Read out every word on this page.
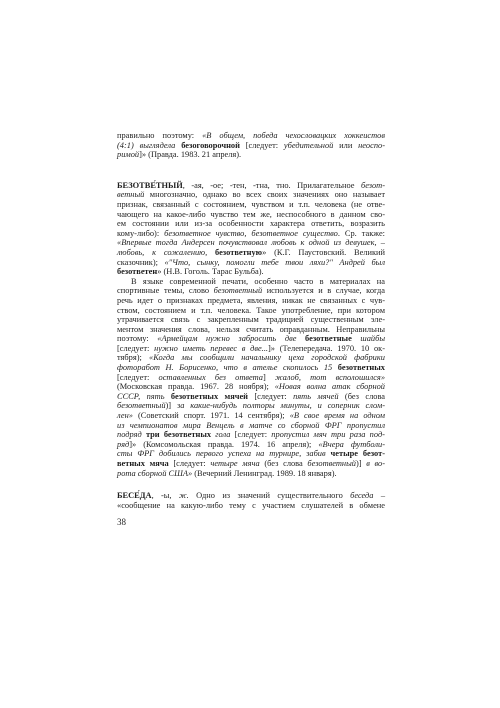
правильно поэтому: «В общем, победа чехословацких хоккеистов
(4:1) выглядела безоговорочной [следует: убедительной или неоспо-
римой]» (Правда. 1983. 21 апреля).
БЕЗОТВЕ́ТНЫЙ, -ая, -ое; -тен, -тна, тно. Прилагательное безот-
ветный многозначно, однако во всех своих значениях оно называет
признак, связанный с состоянием, чувством и т.п. человека (не отве-
чающего на какое-либо чувство тем же, неспособного в данном сво-
ем состоянии или из-за особенности характера ответить, возразить
кому-либо): безответное чувство, безответное существо. Ср. также:
«Впервые тогда Андерсен почувствовал любовь к одной из девушек, –
любовь, к сожалению, безответную» (К.Г. Паустовский. Великий
сказочник); «"Что, сынку, помогли тебе твои ляхи?" Андрей был
безответен» (Н.В. Гоголь. Тарас Бульба).
В языке современной печати, особенно часто в материалах на
спортивные темы, слово безответный используется и в случае, когда
речь идет о признаках предмета, явления, никак не связанных с чув-
ством, состоянием и т.п. человека. Такое употребление, при котором
утрачивается связь с закрепленным традицией существенным эле-
ментом значения слова, нельзя считать оправданным. Неправильны
поэтому: «Армейцам нужно забросить две безответные шайбы
[следует: нужно иметь перевес в две...]» (Телепередача. 1970. 10 ок-
тября); «Когда мы сообщили начальнику цеха городской фабрики
фоторабот Н. Борисенко, что в ателье скопилось 15 безответных
[следует: оставленных без ответа] жалоб, тот всполошился»
(Московская правда. 1967. 28 ноября); «Новая волна атак сборной
СССР, пять безответных мячей [следует: пять мячей (без слова
безответный)] за какие-нибудь полторы минуты, и соперник слом-
лен» (Советский спорт. 1971. 14 сентября); «В свое время на одном
из чемпионатов мира Венцель в матче со сборной ФРГ пропустил
подряд три безответных гола [следует: пропустил мяч три раза под-
ряд]» (Комсомольская правда. 1974. 16 апреля); «Вчера футболи-
сты ФРГ добились первого успеха на турнире, забив четыре безот-
ветных мяча [следует: четыре мяча (без слова безответный)] в во-
рота сборной США» (Вечерний Ленинград. 1989. 18 января).
БЕСЕ́ДА, -ы, ж. Одно из значений существительного беседа –
«сообщение на какую-либо тему с участием слушателей в обмене
38
